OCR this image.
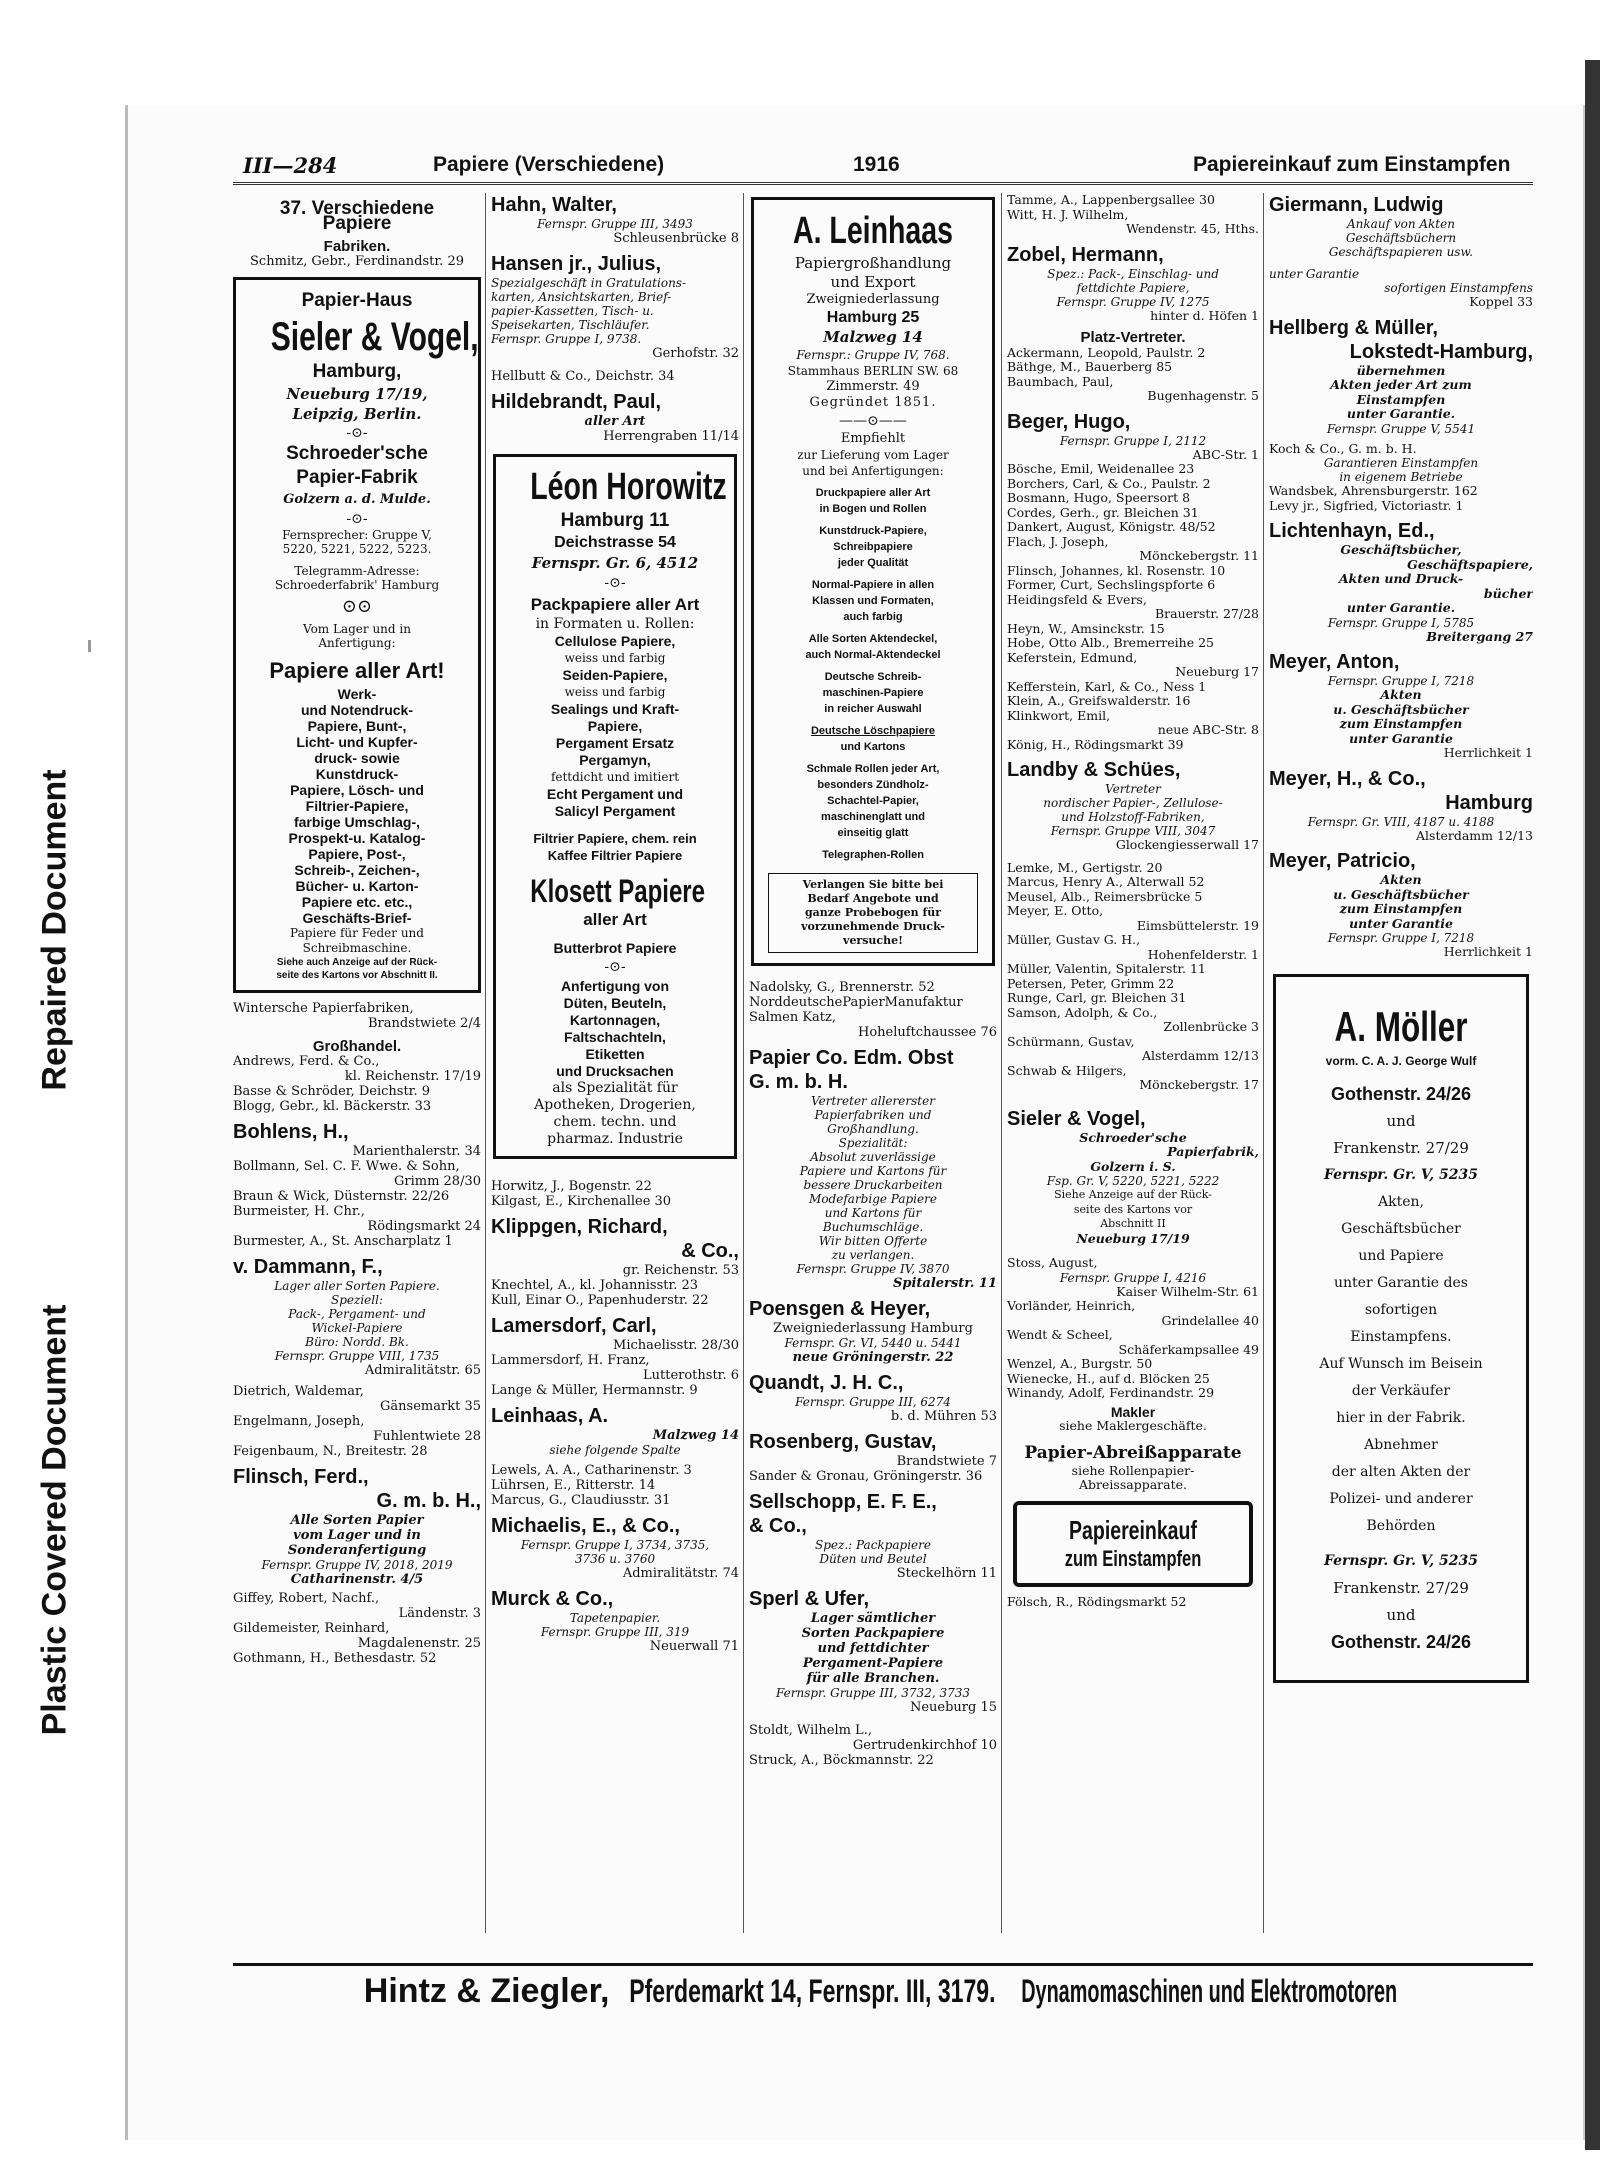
Repaired Document
Plastic Covered Document
III—284	Papiere (Verschiedene)	1916	Papiereinkauf zum Einstampfen
37. Verschiedene
Papiere
Fabriken.
Schmitz, Gebr., Ferdinandstr. 29
Papier-Haus
Sieler & Vogel,
Hamburg,
Neueburg 17/19,
Leipzig, Berlin.
-⊙-
Schroeder'sche
Papier-Fabrik
Golzern a. d. Mulde.
-⊙-
Fernsprecher: Gruppe V,
5220, 5221, 5222, 5223.
Telegramm-Adresse:
Schroederfabrik' Hamburg
⊙⊙
Vom Lager und in
Anfertigung:
Papiere aller Art!
Werk-
und Notendruck-
Papiere, Bunt-,
Licht- und Kupfer-
druck- sowie
Kunstdruck-
Papiere, Lösch- und
Filtrier-Papiere,
farbige Umschlag-,
Prospekt-u. Katalog-
Papiere, Post-,
Schreib-, Zeichen-,
Bücher- u. Karton-
Papiere etc. etc.,
Geschäfts-Brief-
Papiere für Feder und
Schreibmaschine.
Siehe auch Anzeige auf der Rück-
seite des Kartons vor Abschnitt II.
Wintersche Papierfabriken,
Brandstwiete 2/4
Großhandel.
Andrews, Ferd. & Co.,
kl. Reichenstr. 17/19
Basse & Schröder, Deichstr. 9
Blogg, Gebr., kl. Bäckerstr. 33
Bohlens, H.,
Marienthalerstr. 34
Bollmann, Sel. C. F. Wwe. & Sohn,
Grimm 28/30
Braun & Wick, Düsternstr. 22/26
Burmeister, H. Chr.,
Rödingsmarkt 24
Burmester, A., St. Anscharplatz 1
v. Dammann, F.,
Lager aller Sorten Papiere.
Speziell:
Pack-, Pergament- und
Wickel-Papiere
Büro: Nordd. Bk.
Fernspr. Gruppe VIII, 1735
Admiralitätstr. 65
Dietrich, Waldemar,
Gänsemarkt 35
Engelmann, Joseph,
Fuhlentwiete 28
Feigenbaum, N., Breitestr. 28
Flinsch, Ferd.,
G. m. b. H.,
Alle Sorten Papier
vom Lager und in
Sonderanfertigung
Fernspr. Gruppe IV, 2018, 2019
Catharinenstr. 4/5
Giffey, Robert, Nachf.,
Ländenstr. 3
Gildemeister, Reinhard,
Magdalenenstr. 25
Gothmann, H., Bethesdastr. 52
Hahn, Walter,
Fernspr. Gruppe III, 3493
Schleusenbrücke 8
Hansen jr., Julius,
Spezialgeschäft in Gratulations-
karten, Ansichtskarten, Brief-
papier-Kassetten, Tisch- u.
Speisekarten, Tischläufer.
Fernspr. Gruppe I, 9738.
Gerhofstr. 32
Hellbutt & Co., Deichstr. 34
Hildebrandt, Paul,
aller Art
Herrengraben 11/14
Léon Horowitz
Hamburg 11
Deichstrasse 54
Fernspr. Gr. 6, 4512
-⊙-
Packpapiere aller Art
in Formaten u. Rollen:
Cellulose Papiere,
weiss und farbig
Seiden-Papiere,
weiss und farbig
Sealings und Kraft-
Papiere,
Pergament Ersatz
Pergamyn,
fettdicht und imitiert
Echt Pergament und
Salicyl Pergament
Filtrier Papiere, chem. rein
Kaffee Filtrier Papiere
Klosett Papiere
aller Art
Butterbrot Papiere
-⊙-
Anfertigung von
Düten, Beuteln,
Kartonnagen,
Faltschachteln,
Etiketten
und Drucksachen
als Spezialität für
Apotheken, Drogerien,
chem. techn. und
pharmaz. Industrie
Horwitz, J., Bogenstr. 22
Kilgast, E., Kirchenallee 30
Klippgen, Richard,
& Co.,
gr. Reichenstr. 53
Knechtel, A., kl. Johannisstr. 23
Kull, Einar O., Papenhuderstr. 22
Lamersdorf, Carl,
Michaelisstr. 28/30
Lammersdorf, H. Franz,
Lutterothstr. 6
Lange & Müller, Hermannstr. 9
Leinhaas, A.
Malzweg 14
siehe folgende Spalte
Lewels, A. A., Catharinenstr. 3
Lührsen, E., Ritterstr. 14
Marcus, G., Claudiusstr. 31
Michaelis, E., & Co.,
Fernspr. Gruppe I, 3734, 3735,
3736 u. 3760
Admiralitätstr. 74
Murck & Co.,
Tapetenpapier.
Fernspr. Gruppe III, 319
Neuerwall 71
A. Leinhaas
Papiergroßhandlung
und Export
Zweigniederlassung
Hamburg 25
Malzweg 14
Fernspr.: Gruppe IV, 768.
Stammhaus BERLIN SW. 68
Zimmerstr. 49
Gegründet 1851.
——⊙——
Empfiehlt
zur Lieferung vom Lager
und bei Anfertigungen:
Druckpapiere aller Art
in Bogen und Rollen
Kunstdruck-Papiere,
Schreibpapiere
jeder Qualität
Normal-Papiere in allen
Klassen und Formaten,
auch farbig
Alle Sorten Aktendeckel,
auch Normal-Aktendeckel
Deutsche Schreib-
maschinen-Papiere
in reicher Auswahl
Deutsche Löschpapiere
und Kartons
Schmale Rollen jeder Art,
besonders Zündholz-
Schachtel-Papier,
maschinenglatt und
einseitig glatt
Telegraphen-Rollen
Verlangen Sie bitte bei
Bedarf Angebote und
ganze Probebogen für
vorzunehmende Druck-
versuche!
Nadolsky, G., Brennerstr. 52
NorddeutschePapierManufaktur
Salmen Katz,
Hoheluftchaussee 76
Papier Co. Edm. Obst
G. m. b. H.
Vertreter allererster
Papierfabriken und
Großhandlung.
Spezialität:
Absolut zuverlässige
Papiere und Kartons für
bessere Druckarbeiten
Modefarbige Papiere
und Kartons für
Buchumschläge.
Wir bitten Offerte
zu verlangen.
Fernspr. Gruppe IV, 3870
Spitalerstr. 11
Poensgen & Heyer,
Zweigniederlassung Hamburg
Fernspr. Gr. VI, 5440 u. 5441
neue Gröningerstr. 22
Quandt, J. H. C.,
Fernspr. Gruppe III, 6274
b. d. Mühren 53
Rosenberg, Gustav,
Brandstwiete 7
Sander & Gronau, Gröningerstr. 36
Sellschopp, E. F. E.,
& Co.,
Spez.: Packpapiere
Düten und Beutel
Steckelhörn 11
Sperl & Ufer,
Lager sämtlicher
Sorten Packpapiere
und fettdichter
Pergament-Papiere
für alle Branchen.
Fernspr. Gruppe III, 3732, 3733
Neueburg 15
Stoldt, Wilhelm L.,
Gertrudenkirchhof 10
Struck, A., Böckmannstr. 22
Tamme, A., Lappenbergsallee 30
Witt, H. J. Wilhelm,
Wendenstr. 45, Hths.
Zobel, Hermann,
Spez.: Pack-, Einschlag- und
fettdichte Papiere,
Fernspr. Gruppe IV, 1275
hinter d. Höfen 1
Platz-Vertreter.
Ackermann, Leopold, Paulstr. 2
Bäthge, M., Bauerberg 85
Baumbach, Paul,
Bugenhagenstr. 5
Beger, Hugo,
Fernspr. Gruppe I, 2112
ABC-Str. 1
Bösche, Emil, Weidenallee 23
Borchers, Carl, & Co., Paulstr. 2
Bosmann, Hugo, Speersort 8
Cordes, Gerh., gr. Bleichen 31
Dankert, August, Königstr. 48/52
Flach, J. Joseph,
Mönckebergstr. 11
Flinsch, Johannes, kl. Rosenstr. 10
Former, Curt, Sechslingspforte 6
Heidingsfeld & Evers,
Brauerstr. 27/28
Heyn, W., Amsinckstr. 15
Hobe, Otto Alb., Bremerreihe 25
Keferstein, Edmund,
Neueburg 17
Kefferstein, Karl, & Co., Ness 1
Klein, A., Greifswalderstr. 16
Klinkwort, Emil,
neue ABC-Str. 8
König, H., Rödingsmarkt 39
Landby & Schües,
Vertreter
nordischer Papier-, Zellulose-
und Holzstoff-Fabriken,
Fernspr. Gruppe VIII, 3047
Glockengiesserwall 17
Lemke, M., Gertigstr. 20
Marcus, Henry A., Alterwall 52
Meusel, Alb., Reimersbrücke 5
Meyer, E. Otto,
Eimsbüttelerstr. 19
Müller, Gustav G. H.,
Hohenfelderstr. 1
Müller, Valentin, Spitalerstr. 11
Petersen, Peter, Grimm 22
Runge, Carl, gr. Bleichen 31
Samson, Adolph, & Co.,
Zollenbrücke 3
Schürmann, Gustav,
Alsterdamm 12/13
Schwab & Hilgers,
Mönckebergstr. 17
Sieler & Vogel,
Schroeder'sche
Papierfabrik,
Golzern i. S.
Fsp. Gr. V, 5220, 5221, 5222
Siehe Anzeige auf der Rück-
seite des Kartons vor
Abschnitt II
Neueburg 17/19
Stoss, August,
Fernspr. Gruppe I, 4216
Kaiser Wilhelm-Str. 61
Vorländer, Heinrich,
Grindelallee 40
Wendt & Scheel,
Schäferkampsallee 49
Wenzel, A., Burgstr. 50
Wienecke, H., auf d. Blöcken 25
Winandy, Adolf, Ferdinandstr. 29
Makler
siehe Maklergeschäfte.
Papier-Abreißapparate
siehe Rollenpapier-
Abreissapparate.
Papiereinkauf
zum Einstampfen
Fölsch, R., Rödingsmarkt 52
Giermann, Ludwig
Ankauf von Akten
Geschäftsbüchern
Geschäftspapieren usw.
unter Garantie
sofortigen Einstampfens
Koppel 33
Hellberg & Müller,
Lokstedt-Hamburg,
übernehmen
Akten jeder Art zum
Einstampfen
unter Garantie.
Fernspr. Gruppe V, 5541
Koch & Co., G. m. b. H.
Garantieren Einstampfen
in eigenem Betriebe
Wandsbek, Ahrensburgerstr. 162
Levy jr., Sigfried, Victoriastr. 1
Lichtenhayn, Ed.,
Geschäftsbücher,
Geschäftspapiere,
Akten und Druck-
bücher
unter Garantie.
Fernspr. Gruppe I, 5785
Breitergang 27
Meyer, Anton,
Fernspr. Gruppe I, 7218
Akten
u. Geschäftsbücher
zum Einstampfen
unter Garantie
Herrlichkeit 1
Meyer, H., & Co.,
Hamburg
Fernspr. Gr. VIII, 4187 u. 4188
Alsterdamm 12/13
Meyer, Patricio,
Akten
u. Geschäftsbücher
zum Einstampfen
unter Garantie
Fernspr. Gruppe I, 7218
Herrlichkeit 1
A. Möller
vorm. C. A. J. George Wulf
Gothenstr. 24/26
und
Frankenstr. 27/29
Fernspr. Gr. V, 5235
Akten,
Geschäftsbücher
und Papiere
unter Garantie des
sofortigen
Einstampfens.
Auf Wunsch im Beisein
der Verkäufer
hier in der Fabrik.
Abnehmer
der alten Akten der
Polizei- und anderer
Behörden
Fernspr. Gr. V, 5235
Frankenstr. 27/29
und
Gothenstr. 24/26
Hintz & Ziegler, Pferdemarkt 14, Fernspr. III, 3179. Dynamomaschinen und Elektromotoren
